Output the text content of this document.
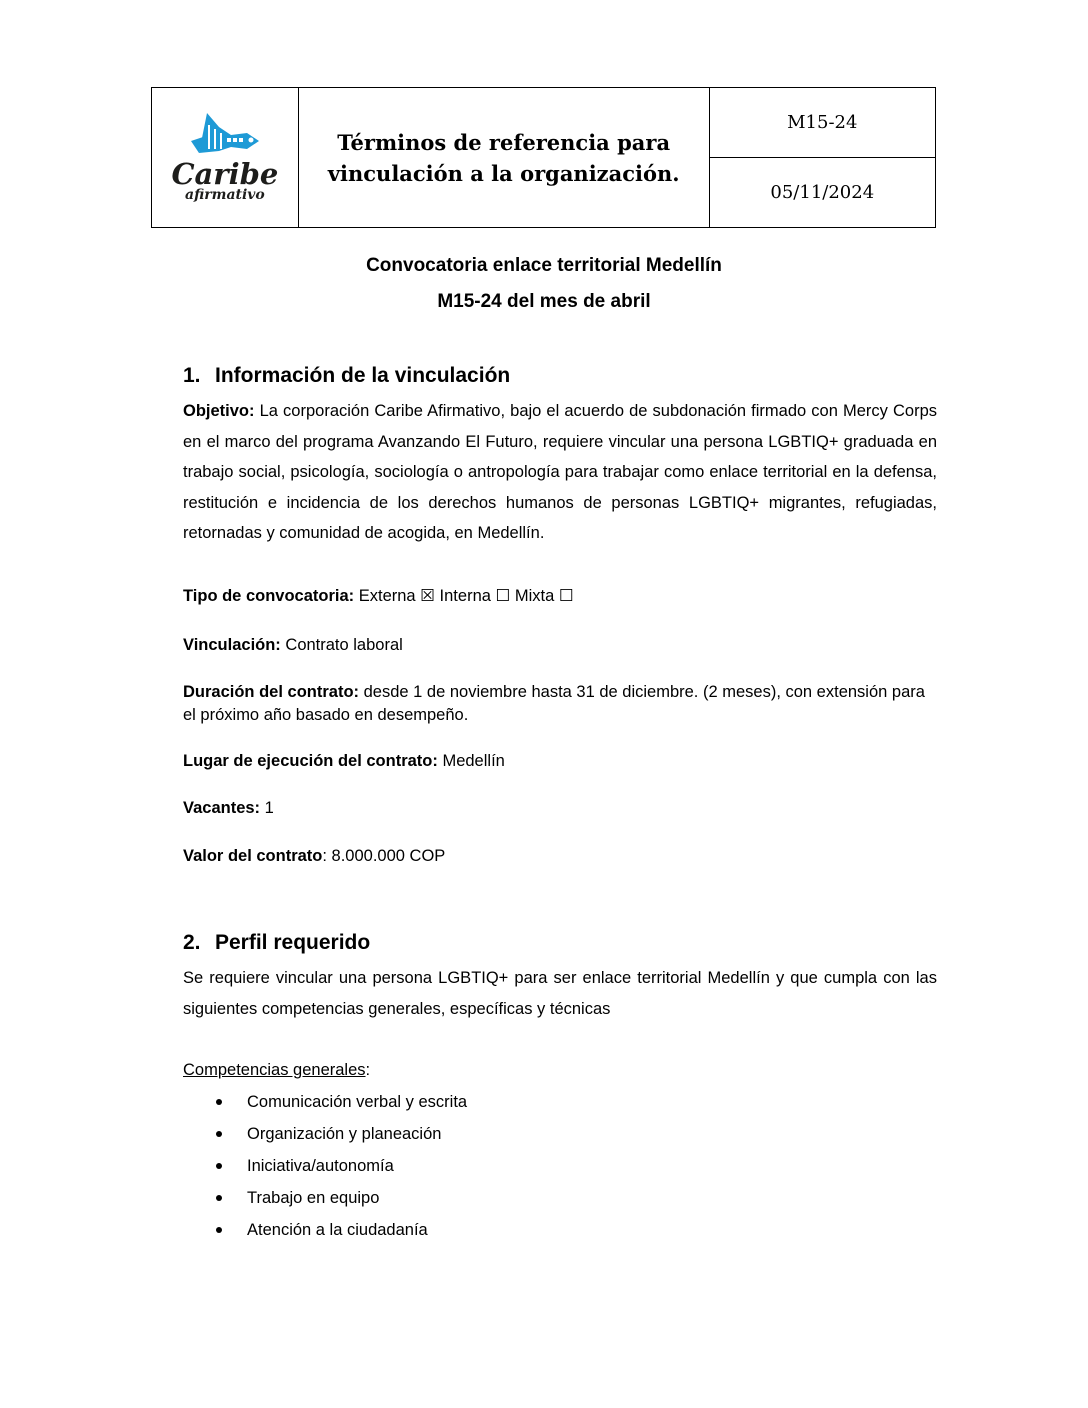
Caribe
afirmativo

Términos de referencia para
vinculación a la organización.
	M15-24
05/11/2024
Convocatoria enlace territorial Medellín
M15-24 del mes de abril
1. Información de la vinculación
Objetivo: La corporación Caribe Afirmativo, bajo el acuerdo de subdonación firmado con Mercy Corps en el marco del programa Avanzando El Futuro, requiere vincular una persona LGBTIQ+ graduada en trabajo social, psicología, sociología o antropología para trabajar como enlace territorial en la defensa, restitución e incidencia de los derechos humanos de personas LGBTIQ+ migrantes, refugiadas, retornadas y comunidad de acogida, en Medellín.
Tipo de convocatoria: Externa ☒ Interna ☐ Mixta ☐
Vinculación: Contrato laboral
Duración del contrato: desde 1 de noviembre hasta 31 de diciembre. (2 meses), con extensión para el próximo año basado en desempeño.
Lugar de ejecución del contrato: Medellín
Vacantes: 1
Valor del contrato: 8.000.000 COP
2. Perfil requerido
Se requiere vincular una persona LGBTIQ+ para ser enlace territorial Medellín y que cumpla con las siguientes competencias generales, específicas y técnicas
Competencias generales:
Comunicación verbal y escrita
Organización y planeación
Iniciativa/autonomía
Trabajo en equipo
Atención a la ciudadanía
